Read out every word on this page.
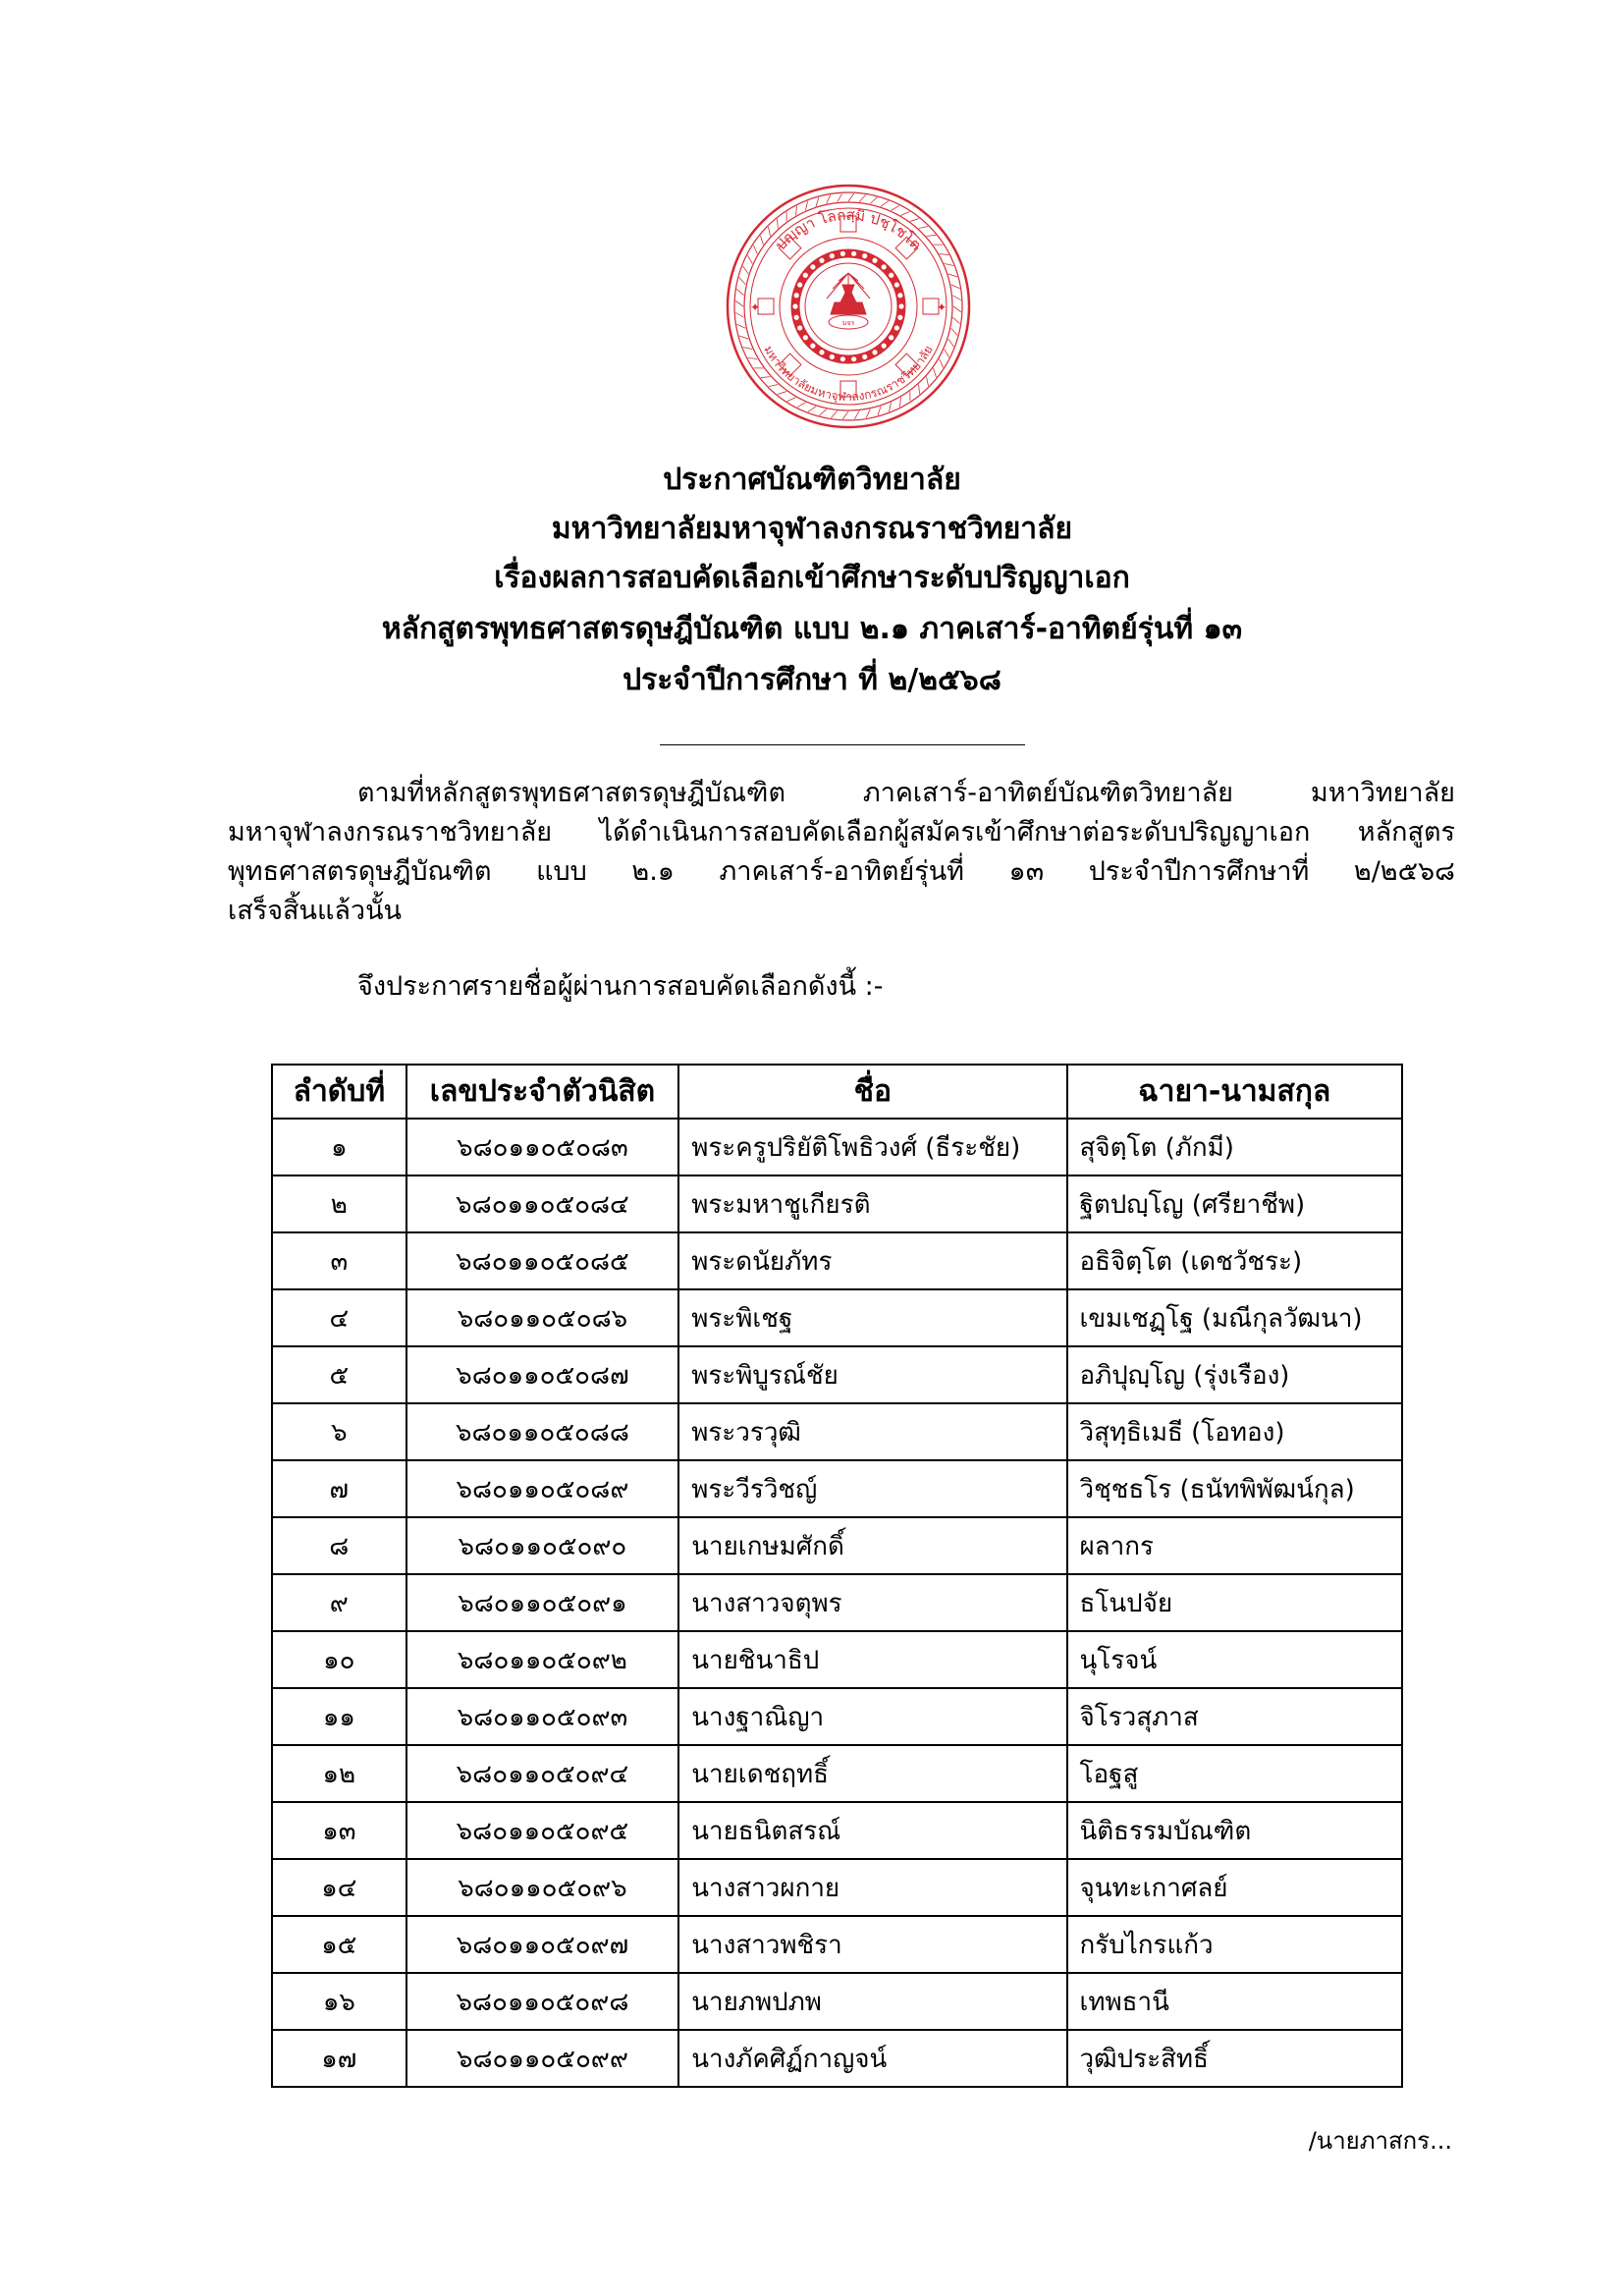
มจร
ปญฺญา โลกสฺมิ ปชฺโชโต
มหาวิทยาลัยมหาจุฬาลงกรณราชวิทยาลัย
✦	✦
ประกาศบัณฑิตวิทยาลัย
มหาวิทยาลัยมหาจุฬาลงกรณราชวิทยาลัย
เรื่องผลการสอบคัดเลือกเข้าศึกษาระดับปริญญาเอก
หลักสูตรพุทธศาสตรดุษฎีบัณฑิต แบบ ๒.๑ ภาคเสาร์-อาทิตย์รุ่นที่ ๑๓
ประจำปีการศึกษา ที่ ๒/๒๕๖๘
ตามที่หลักสูตรพุทธศาสตรดุษฎีบัณฑิต ภาคเสาร์-อาทิตย์บัณฑิตวิทยาลัย มหาวิทยาลัย
มหาจุฬาลงกรณราชวิทยาลัย ได้ดำเนินการสอบคัดเลือกผู้สมัครเข้าศึกษาต่อระดับปริญญาเอก หลักสูตร
พุทธศาสตรดุษฎีบัณฑิต แบบ ๒.๑ ภาคเสาร์-อาทิตย์รุ่นที่ ๑๓ ประจำปีการศึกษาที่ ๒/๒๕๖๘
เสร็จสิ้นแล้วนั้น
จึงประกาศรายชื่อผู้ผ่านการสอบคัดเลือกดังนี้ :-
ลำดับที่	เลขประจำตัวนิสิต	ชื่อ	ฉายา-นามสกุล
๑	๖๘๐๑๑๐๕๐๘๓	พระครูปริยัติโพธิวงศ์ (ธีระชัย)	สุจิตฺโต (ภักมี)
๒	๖๘๐๑๑๐๕๐๘๔	พระมหาชูเกียรติ	ฐิตปญฺโญ (ศรียาชีพ)
๓	๖๘๐๑๑๐๕๐๘๕	พระดนัยภัทร	อธิจิตฺโต (เดชวัชระ)
๔	๖๘๐๑๑๐๕๐๘๖	พระพิเชฐ	เขมเชฏฺโฐ (มณีกุลวัฒนา)
๕	๖๘๐๑๑๐๕๐๘๗	พระพิบูรณ์ชัย	อภิปุญฺโญ (รุ่งเรือง)
๖	๖๘๐๑๑๐๕๐๘๘	พระวรวุฒิ	วิสุทฺธิเมธี (โอทอง)
๗	๖๘๐๑๑๐๕๐๘๙	พระวีรวิชญ์	วิชฺชธโร (ธนัทพิพัฒน์กุล)
๘	๖๘๐๑๑๐๕๐๙๐	นายเกษมศักดิ์	ผลากร
๙	๖๘๐๑๑๐๕๐๙๑	นางสาวจตุพร	ธโนปจัย
๑๐	๖๘๐๑๑๐๕๐๙๒	นายชินาธิป	นุโรจน์
๑๑	๖๘๐๑๑๐๕๐๙๓	นางฐาณิญา	จิโรวสุภาส
๑๒	๖๘๐๑๑๐๕๐๙๔	นายเดชฤทธิ์	โอฐสู
๑๓	๖๘๐๑๑๐๕๐๙๕	นายธนิตสรณ์	นิติธรรมบัณฑิต
๑๔	๖๘๐๑๑๐๕๐๙๖	นางสาวผกาย	จุนทะเกาศลย์
๑๕	๖๘๐๑๑๐๕๐๙๗	นางสาวพชิรา	กรับไกรแก้ว
๑๖	๖๘๐๑๑๐๕๐๙๘	นายภพปภพ	เทพธานี
๑๗	๖๘๐๑๑๐๕๐๙๙	นางภัคศิฏ์กาญจน์	วุฒิประสิทธิ์
/นายภาสกร...
